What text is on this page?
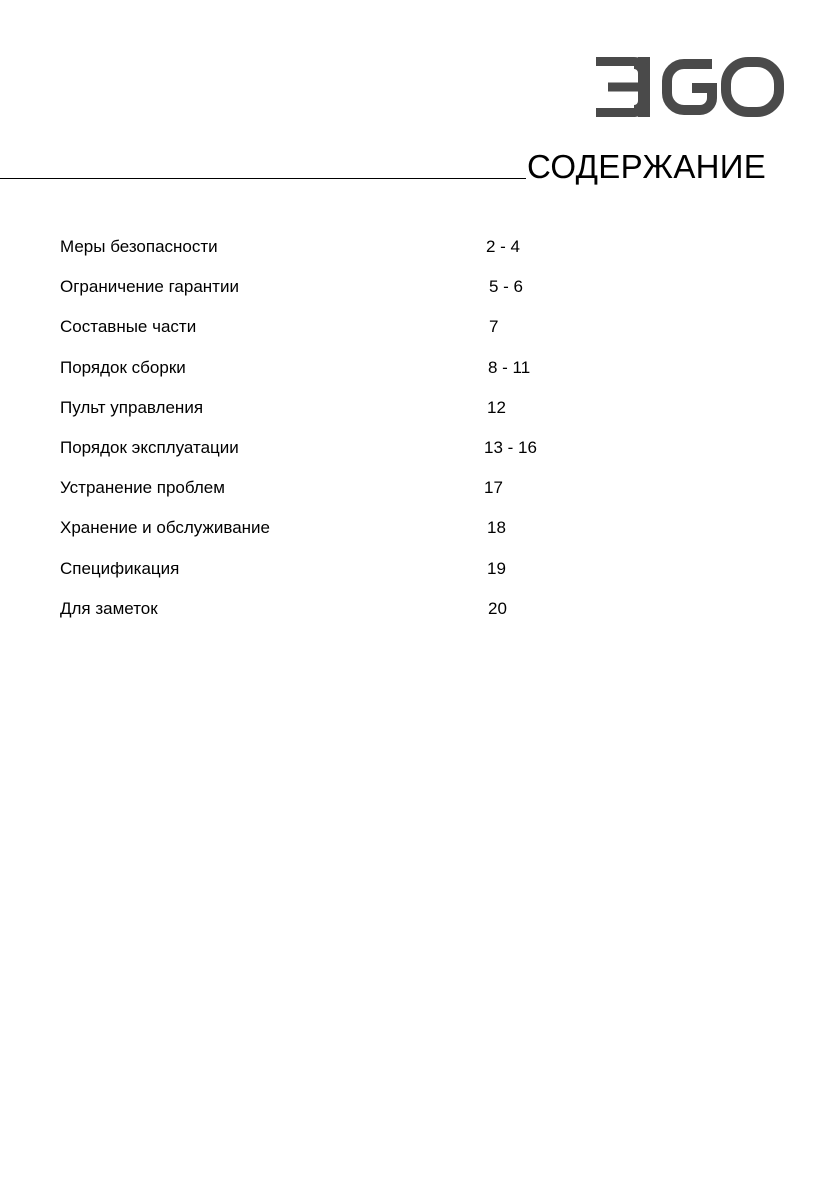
СОДЕРЖАНИЕ
Меры безопасности	2 - 4
Ограничение гарантии	5 - 6
Составные части	7
Порядок сборки	8 - 11
Пульт управления	12
Порядок эксплуатации	13 - 16
Устранение проблем	17
Хранение и обслуживание	18
Спецификация	19
Для заметок	20
